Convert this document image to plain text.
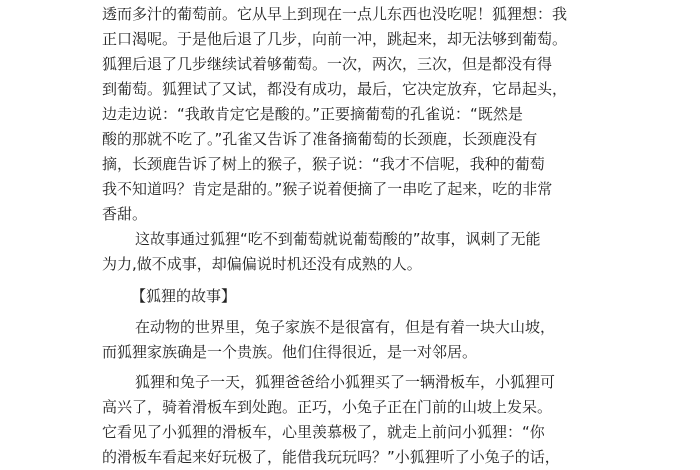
透而多汁的葡萄前。它从早上到现在一点儿东西也没吃呢！狐狸想：我
正口渴呢。于是他后退了几步，向前一冲，跳起来，却无法够到葡萄。
狐狸后退了几步继续试着够葡萄。一次，两次，三次，但是都没有得
到葡萄。狐狸试了又试，都没有成功，最后，它决定放弃，它昂起头，
边走边说：“我敢肯定它是酸的。”正要摘葡萄的孔雀说：“既然是
酸的那就不吃了。”孔雀又告诉了准备摘葡萄的长颈鹿，长颈鹿没有
摘，长颈鹿告诉了树上的猴子，猴子说：“我才不信呢，我种的葡萄
我不知道吗？肯定是甜的。”猴子说着便摘了一串吃了起来，吃的非常
香甜。
这故事通过狐狸“吃不到葡萄就说葡萄酸的”故事，讽刺了无能
为力,做不成事，却偏偏说时机还没有成熟的人。
【狐狸的故事】
在动物的世界里，兔子家族不是很富有，但是有着一块大山坡，
而狐狸家族确是一个贵族。他们住得很近，是一对邻居。
狐狸和兔子一天，狐狸爸爸给小狐狸买了一辆滑板车，小狐狸可
高兴了，骑着滑板车到处跑。正巧，小兔子正在门前的山坡上发呆。
它看见了小狐狸的滑板车，心里羡慕极了，就走上前问小狐狸：“你
的滑板车看起来好玩极了，能借我玩玩吗？”小狐狸听了小兔子的话，
